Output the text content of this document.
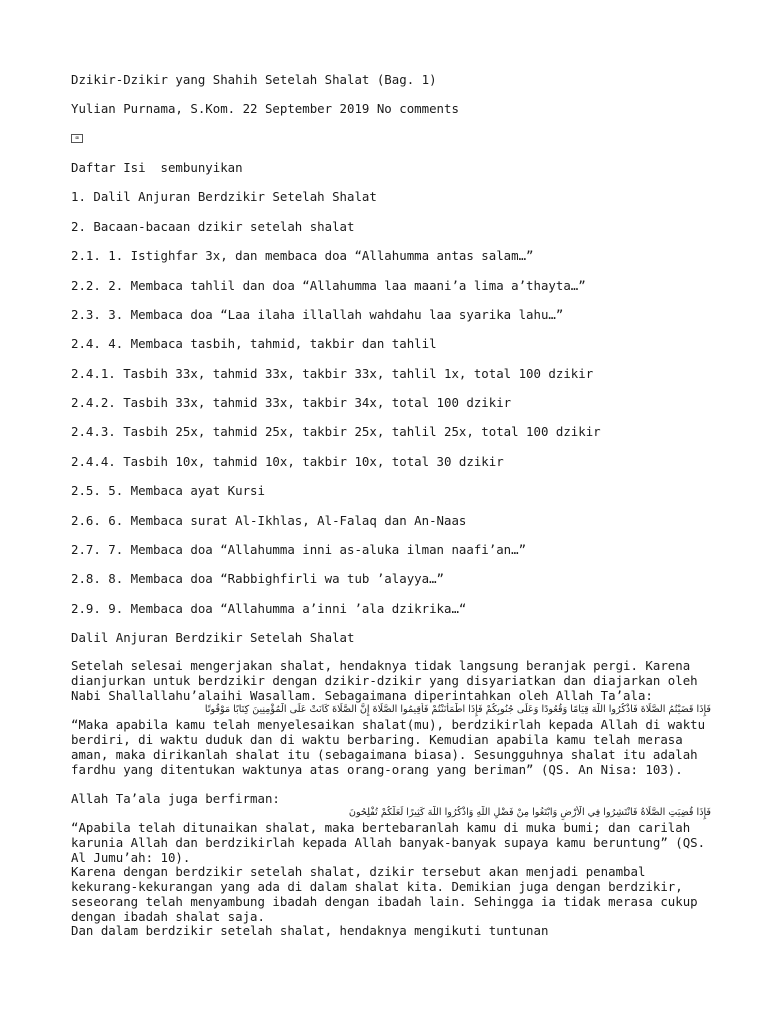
Dzikir-Dzikir yang Shahih Setelah Shalat (Bag. 1)
Yulian Purnama, S.Kom. 22 September 2019 No comments
⌧
Daftar Isi  sembunyikan
1. Dalil Anjuran Berdzikir Setelah Shalat
2. Bacaan-bacaan dzikir setelah shalat
2.1. 1. Istighfar 3x, dan membaca doa “Allahumma antas salam…”
2.2. 2. Membaca tahlil dan doa “Allahumma laa maani’a lima a’thayta…”
2.3. 3. Membaca doa “Laa ilaha illallah wahdahu laa syarika lahu…”
2.4. 4. Membaca tasbih, tahmid, takbir dan tahlil
2.4.1. Tasbih 33x, tahmid 33x, takbir 33x, tahlil 1x, total 100 dzikir
2.4.2. Tasbih 33x, tahmid 33x, takbir 34x, total 100 dzikir
2.4.3. Tasbih 25x, tahmid 25x, takbir 25x, tahlil 25x, total 100 dzikir
2.4.4. Tasbih 10x, tahmid 10x, takbir 10x, total 30 dzikir
2.5. 5. Membaca ayat Kursi
2.6. 6. Membaca surat Al-Ikhlas, Al-Falaq dan An-Naas
2.7. 7. Membaca doa “Allahumma inni as-aluka ilman naafi’an…”
2.8. 8. Membaca doa “Rabbighfirli wa tub ’alayya…”
2.9. 9. Membaca doa “Allahumma a’inni ’ala dzikrika…“
Dalil Anjuran Berdzikir Setelah Shalat
Setelah selesai mengerjakan shalat, hendaknya tidak langsung beranjak pergi. Karena dianjurkan untuk berdzikir dengan dzikir-dzikir yang disyariatkan dan diajarkan oleh Nabi Shallallahu’alaihi Wasallam. Sebagaimana diperintahkan oleh Allah Ta’ala:
فَإِذَا قَضَيْتُمُ الصَّلَاةَ فَاذْكُرُوا اللَّهَ قِيَامًا وَقُعُودًا وَعَلَى جُنُوبِكُمْ فَإِذَا اطْمَأْنَنْتُمْ فَأَقِيمُوا الصَّلَاةَ إِنَّ الصَّلَاةَ كَانَتْ عَلَى الْمُؤْمِنِينَ كِتَابًا مَوْقُوتًا
“Maka apabila kamu telah menyelesaikan shalat(mu), berdzikirlah kepada Allah di waktu berdiri, di waktu duduk dan di waktu berbaring. Kemudian apabila kamu telah merasa aman, maka dirikanlah shalat itu (sebagaimana biasa). Sesungguhnya shalat itu adalah fardhu yang ditentukan waktunya atas orang-orang yang beriman” (QS. An Nisa: 103).
Allah Ta’ala juga berfirman:
فَإِذَا قُضِيَتِ الصَّلَاةُ فَانْتَشِرُوا فِي الْأَرْضِ وَابْتَغُوا مِنْ فَضْلِ اللَّهِ وَاذْكُرُوا اللَّهَ كَثِيرًا لَعَلَّكُمْ تُفْلِحُونَ
“Apabila telah ditunaikan shalat, maka bertebaranlah kamu di muka bumi; dan carilah karunia Allah dan berdzikirlah kepada Allah banyak-banyak supaya kamu beruntung” (QS. Al Jumu’ah: 10).
Karena dengan berdzikir setelah shalat, dzikir tersebut akan menjadi penambal kekurang-kekurangan yang ada di dalam shalat kita. Demikian juga dengan berdzikir, seseorang telah menyambung ibadah dengan ibadah lain. Sehingga ia tidak merasa cukup dengan ibadah shalat saja.
Dan dalam berdzikir setelah shalat, hendaknya mengikuti tuntunan
